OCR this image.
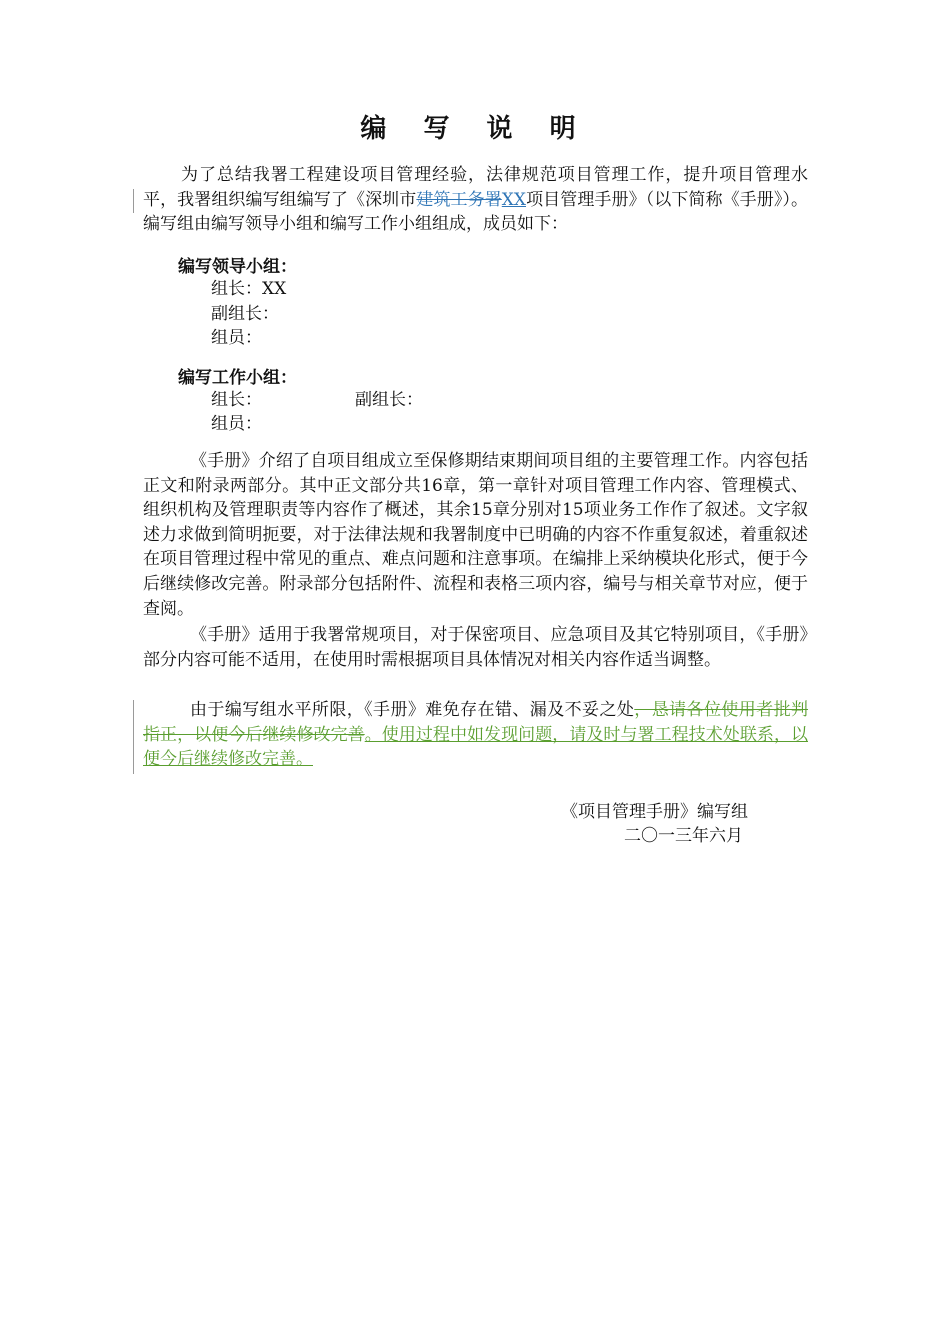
编 写 说 明

为了总结我署工程建设项目管理经验，法律规范项目管理工作，提升项目管理水平，我署组织编写组编写了《深圳市建筑工务署XX项目管理手册》（以下简称《手册》）。编写组由编写领导小组和编写工作小组组成，成员如下：

编写领导小组：

组长：XX

副组长：

组员：

编写工作小组：

组长：	副组长：

组员：

《手册》介绍了自项目组成立至保修期结束期间项目组的主要管理工作。内容包括正文和附录两部分。其中正文部分共16章，第一章针对项目管理工作内容、管理模式、组织机构及管理职责等内容作了概述，其余15章分别对15项业务工作作了叙述。文字叙述力求做到简明扼要，对于法律法规和我署制度中已明确的内容不作重复叙述，着重叙述在项目管理过程中常见的重点、难点问题和注意事项。在编排上采纳模块化形式，便于今后继续修改完善。附录部分包括附件、流程和表格三项内容，编号与相关章节对应，便于查阅。

《手册》适用于我署常规项目，对于保密项目、应急项目及其它特别项目，《手册》部分内容可能不适用，在使用时需根据项目具体情况对相关内容作适当调整。

由于编写组水平所限，《手册》难免存在错、漏及不妥之处，恳请各位使用者批判指正，以便今后继续修改完善。使用过程中如发现问题，请及时与署工程技术处联系，以便今后继续修改完善。

《项目管理手册》编写组

二〇一三年六月
